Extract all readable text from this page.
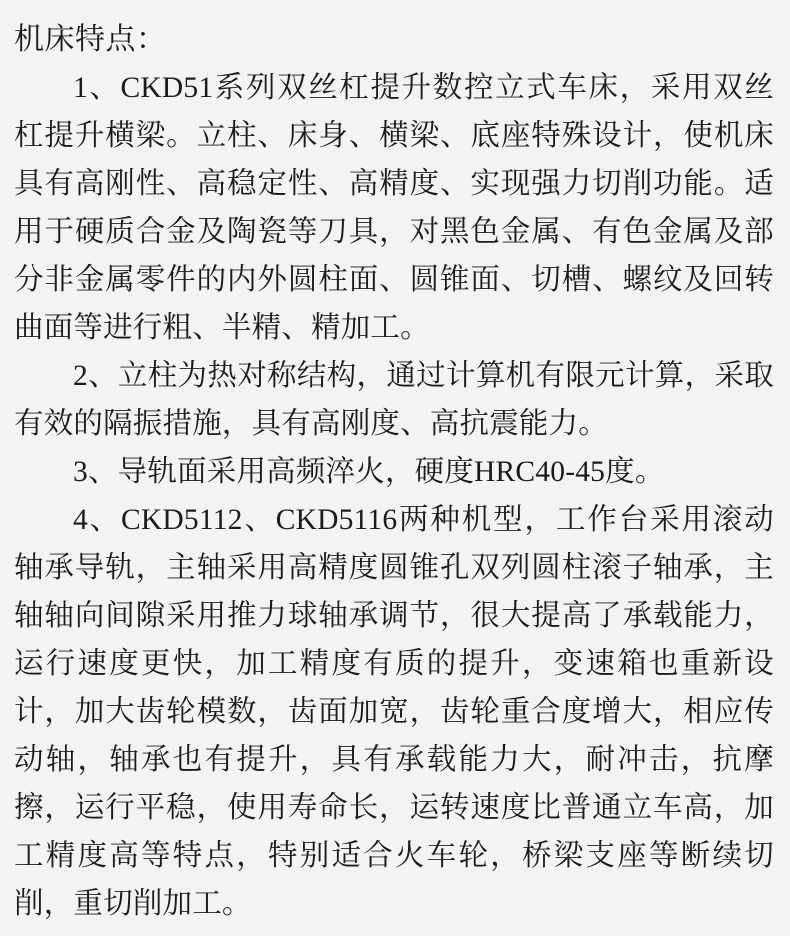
机床特点：

1、CKD51系列双丝杠提升数控立式车床，采用双丝杠提升横梁。立柱、床身、横梁、底座特殊设计，使机床具有高刚性、高稳定性、高精度、实现强力切削功能。适用于硬质合金及陶瓷等刀具，对黑色金属、有色金属及部分非金属零件的内外圆柱面、圆锥面、切槽、螺纹及回转曲面等进行粗、半精、精加工。

2、立柱为热对称结构，通过计算机有限元计算，采取有效的隔振措施，具有高刚度、高抗震能力。

3、导轨面采用高频淬火，硬度HRC40-45度。

4、CKD5112、CKD5116两种机型，工作台采用滚动轴承导轨，主轴采用高精度圆锥孔双列圆柱滚子轴承，主轴轴向间隙采用推力球轴承调节，很大提高了承载能力，运行速度更快，加工精度有质的提升，变速箱也重新设计，加大齿轮模数，齿面加宽，齿轮重合度增大，相应传动轴，轴承也有提升，具有承载能力大，耐冲击，抗摩擦，运行平稳，使用寿命长，运转速度比普通立车高，加工精度高等特点，特别适合火车轮，桥梁支座等断续切削，重切削加工。
